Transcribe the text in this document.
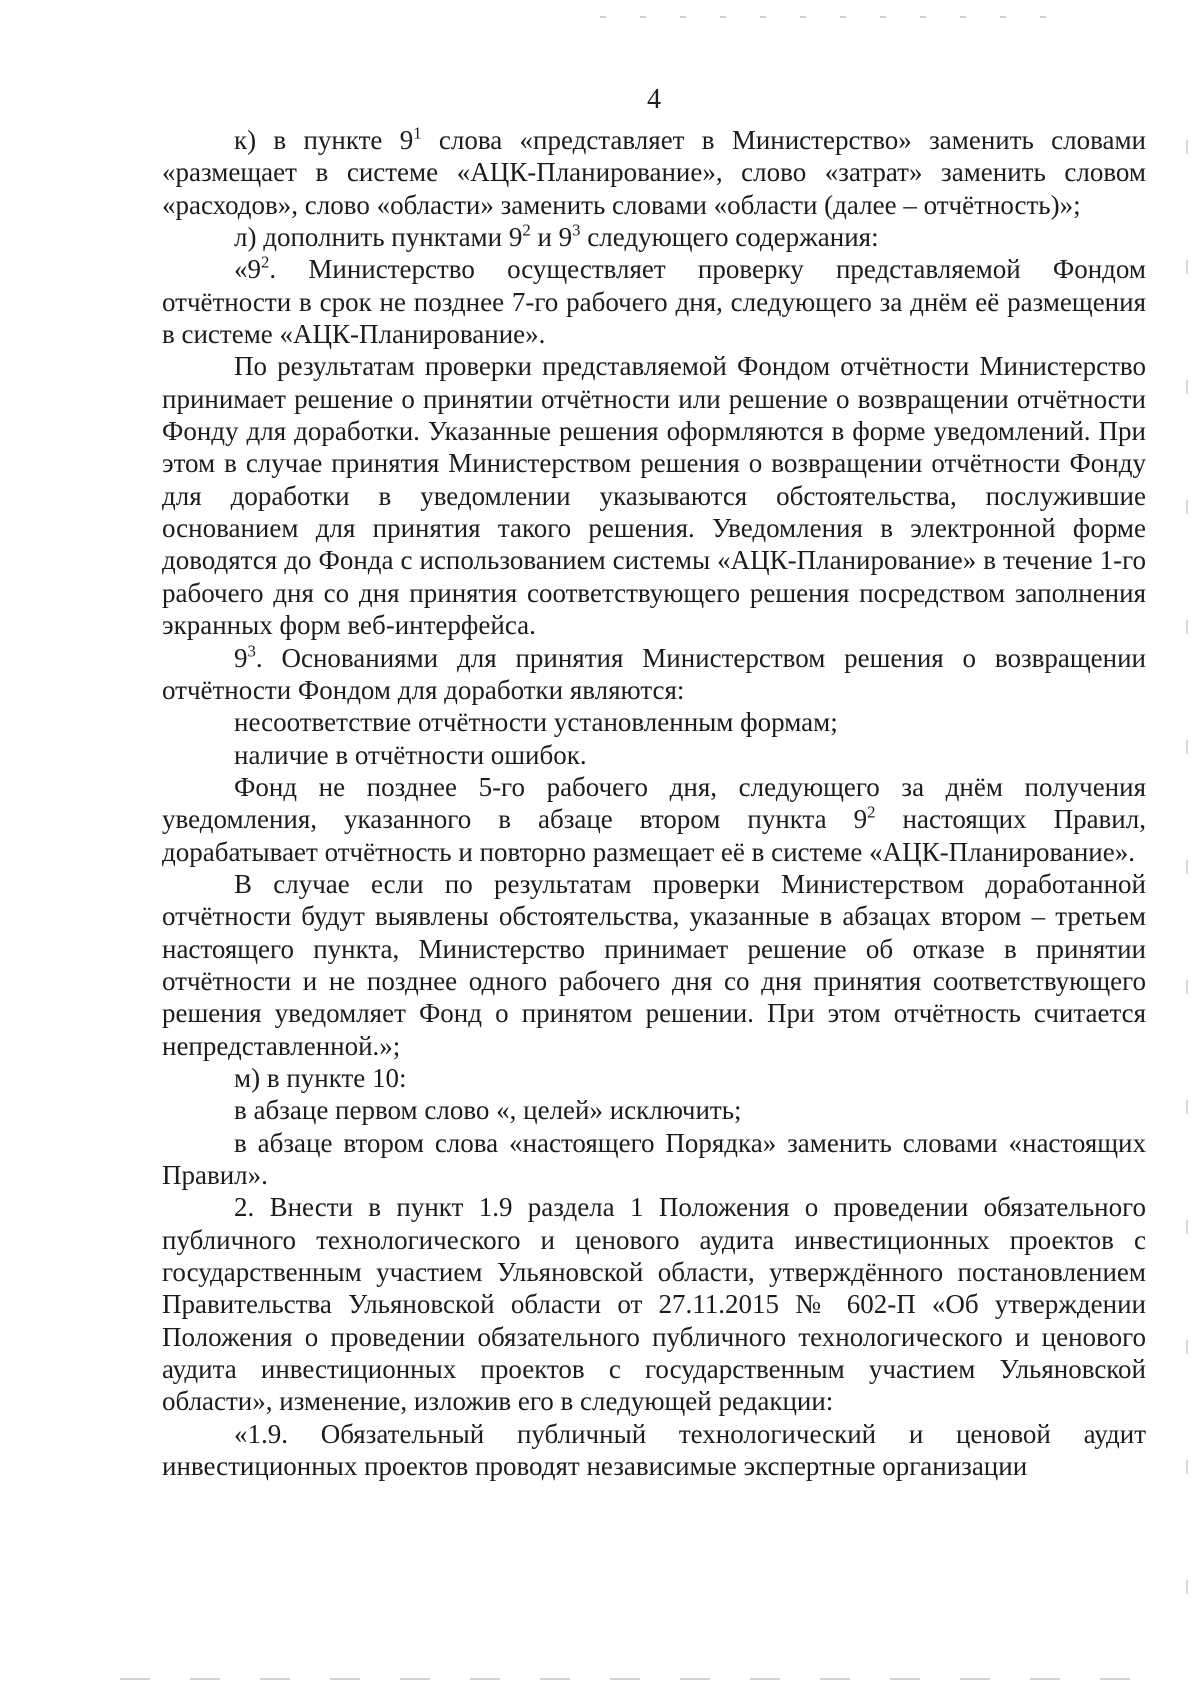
4

к) в пункте $9^1$ слова «представляет в Министерство» заменить словами «размещает в системе «АЦК-Планирование», слово «затрат» заменить словом «расходов», слово «области» заменить словами «области (далее – отчётность)»;

л) дополнить пунктами $9^2$ и $9^3$ следующего содержания:

«$9^2$. Министерство осуществляет проверку представляемой Фондом отчётности в срок не позднее 7-го рабочего дня, следующего за днём её размещения в системе «АЦК-Планирование».

По результатам проверки представляемой Фондом отчётности Министерство принимает решение о принятии отчётности или решение о возвращении отчётности Фонду для доработки. Указанные решения оформляются в форме уведомлений. При этом в случае принятия Министерством решения о возвращении отчётности Фонду для доработки в уведомлении указываются обстоятельства, послужившие основанием для принятия такого решения. Уведомления в электронной форме доводятся до Фонда с использованием системы «АЦК-Планирование» в течение 1-го рабочего дня со дня принятия соответствующего решения посредством заполнения экранных форм веб-интерфейса.

$9^3$. Основаниями для принятия Министерством решения о возвращении отчётности Фондом для доработки являются:

несоответствие отчётности установленным формам;

наличие в отчётности ошибок.

Фонд не позднее 5-го рабочего дня, следующего за днём получения уведомления, указанного в абзаце втором пункта $9^2$ настоящих Правил, дорабатывает отчётность и повторно размещает её в системе «АЦК-Планирование».

В случае если по результатам проверки Министерством доработанной отчётности будут выявлены обстоятельства, указанные в абзацах втором – третьем настоящего пункта, Министерство принимает решение об отказе в принятии отчётности и не позднее одного рабочего дня со дня принятия соответствующего решения уведомляет Фонд о принятом решении. При этом отчётность считается непредставленной.»;

м) в пункте 10:

в абзаце первом слово «, целей» исключить;

в абзаце втором слова «настоящего Порядка» заменить словами «настоящих Правил».

2. Внести в пункт 1.9 раздела 1 Положения о проведении обязательного публичного технологического и ценового аудита инвестиционных проектов с государственным участием Ульяновской области, утверждённого постановлением Правительства Ульяновской области от 27.11.2015 № 602-П «Об утверждении Положения о проведении обязательного публичного технологического и ценового аудита инвестиционных проектов с государственным участием Ульяновской области», изменение, изложив его в следующей редакции:

«1.9. Обязательный публичный технологический и ценовой аудит инвестиционных проектов проводят независимые экспертные организации
